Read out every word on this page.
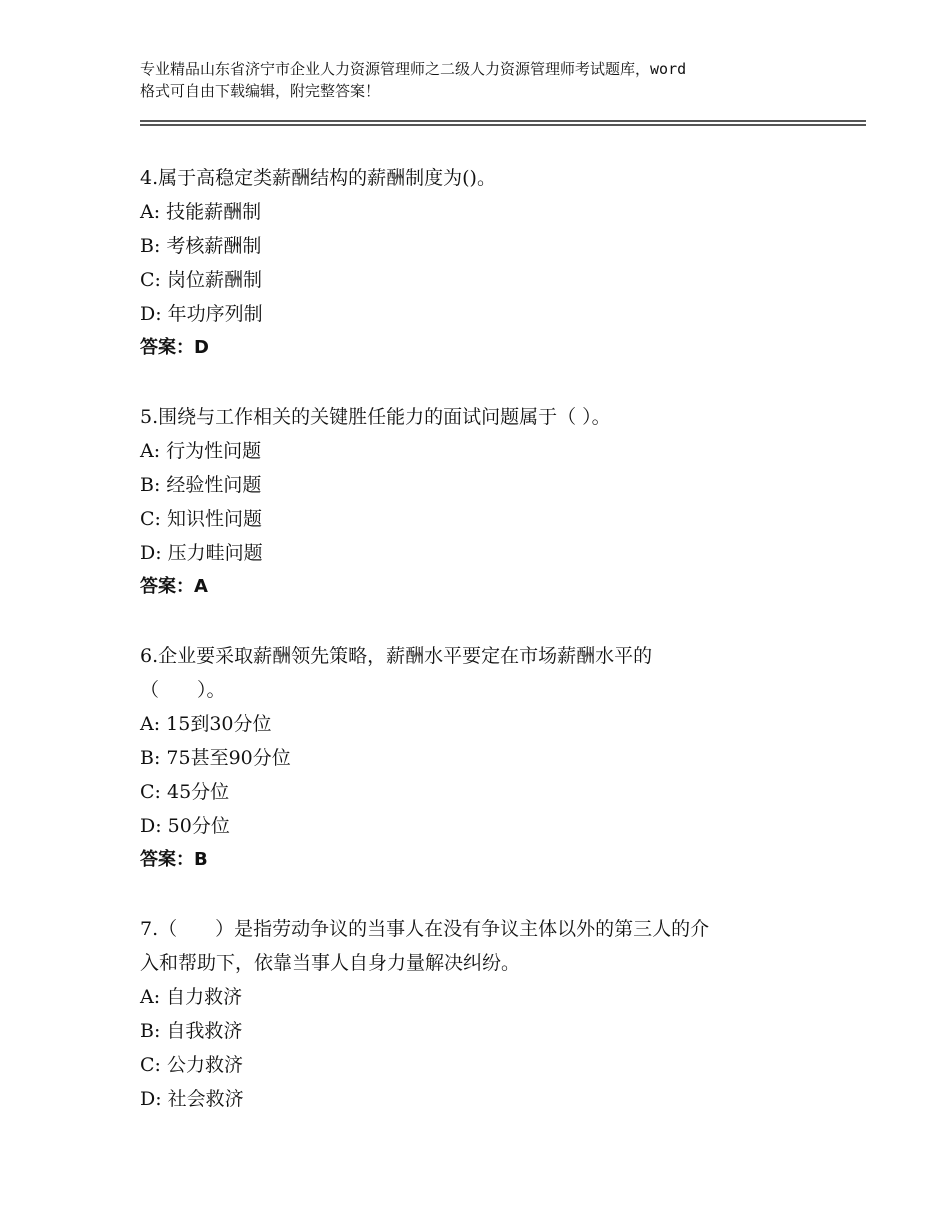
专业精品山东省济宁市企业人力资源管理师之二级人力资源管理师考试题库，word
格式可自由下载编辑，附完整答案！
4.属于高稳定类薪酬结构的薪酬制度为()。
A: 技能薪酬制
B: 考核薪酬制
C: 岗位薪酬制
D: 年功序列制
答案：D
5.围绕与工作相关的关键胜任能力的面试问题属于（ ）。
A: 行为性问题
B: 经验性问题
C: 知识性问题
D: 压力畦问题
答案：A
6.企业要采取薪酬领先策略，薪酬水平要定在市场薪酬水平的
（　　）。
A: 15到30分位
B: 75甚至90分位
C: 45分位
D: 50分位
答案：B
7.（　　）是指劳动争议的当事人在没有争议主体以外的第三人的介
入和帮助下，依靠当事人自身力量解决纠纷。
A: 自力救济
B: 自我救济
C: 公力救济
D: 社会救济
